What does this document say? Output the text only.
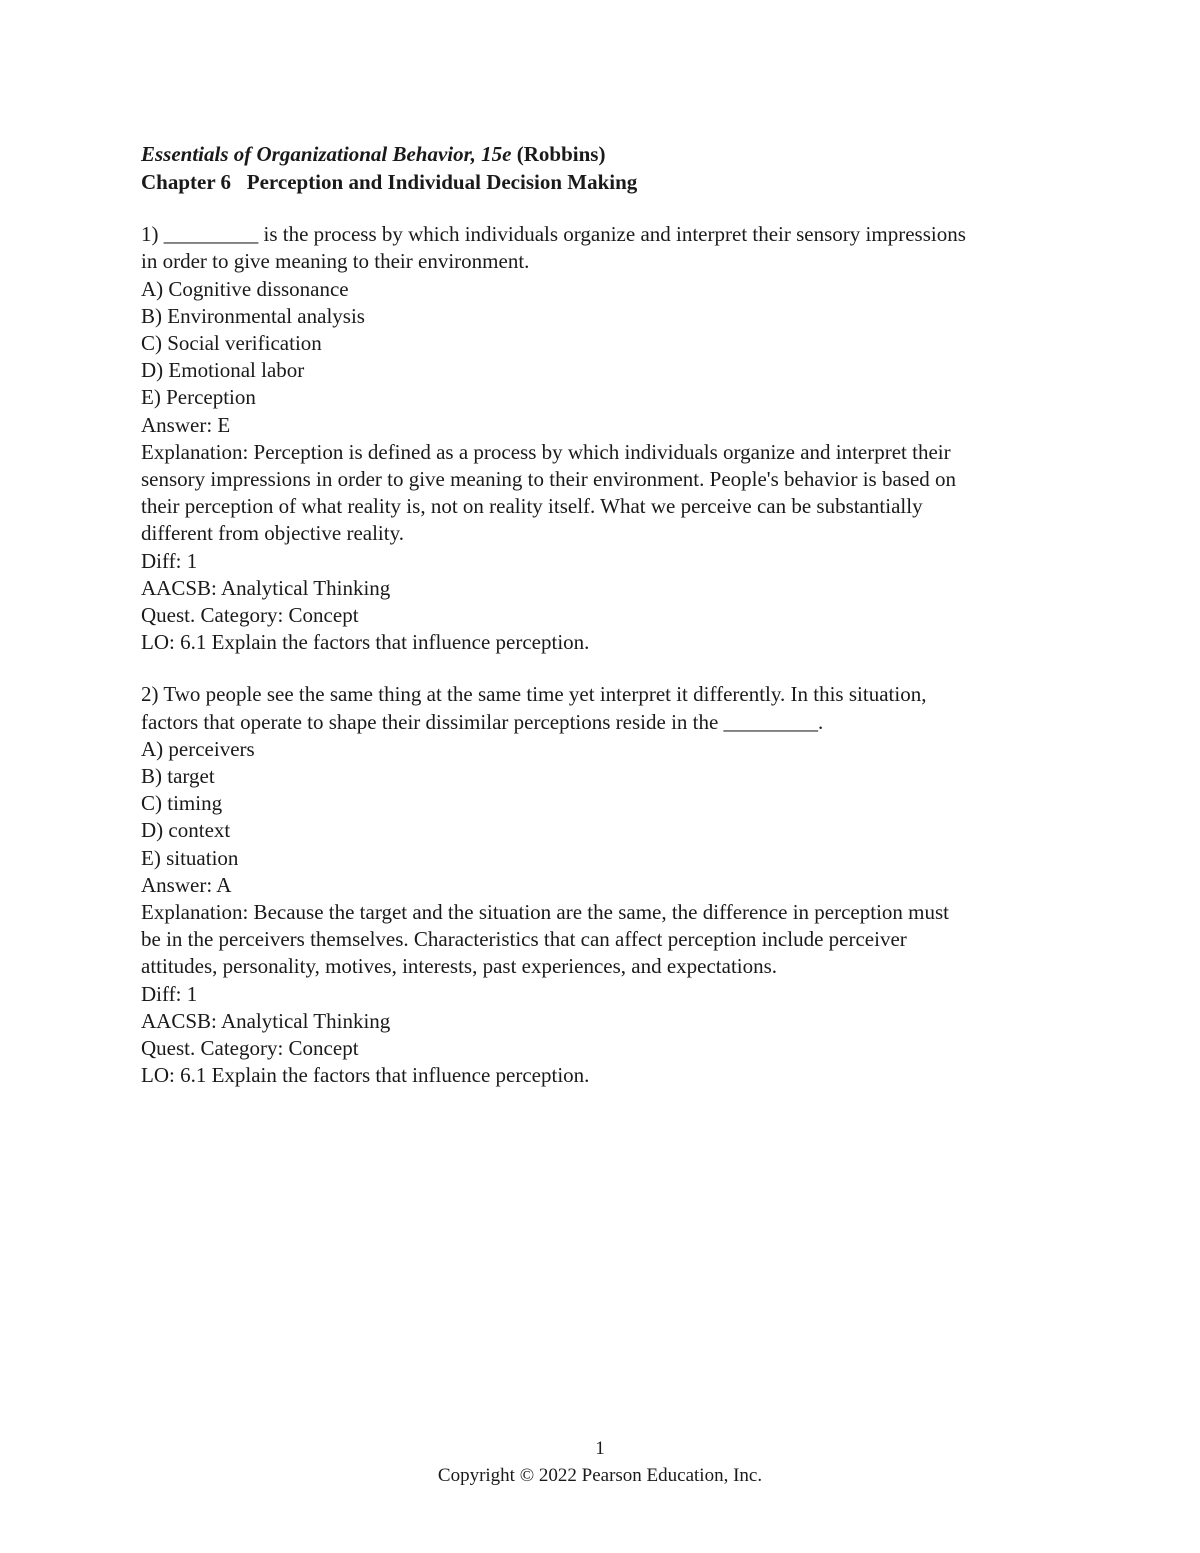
Essentials of Organizational Behavior, 15e (Robbins)

Chapter 6 Perception and Individual Decision Making

1) _________ is the process by which individuals organize and interpret their sensory impressions

in order to give meaning to their environment.

A) Cognitive dissonance

B) Environmental analysis

C) Social verification

D) Emotional labor

E) Perception

Answer: E

Explanation: Perception is defined as a process by which individuals organize and interpret their

sensory impressions in order to give meaning to their environment. People's behavior is based on

their perception of what reality is, not on reality itself. What we perceive can be substantially

different from objective reality.

Diff: 1

AACSB: Analytical Thinking

Quest. Category: Concept

LO: 6.1 Explain the factors that influence perception.

2) Two people see the same thing at the same time yet interpret it differently. In this situation,

factors that operate to shape their dissimilar perceptions reside in the _________.

A) perceivers

B) target

C) timing

D) context

E) situation

Answer: A

Explanation: Because the target and the situation are the same, the difference in perception must

be in the perceivers themselves. Characteristics that can affect perception include perceiver

attitudes, personality, motives, interests, past experiences, and expectations.

Diff: 1

AACSB: Analytical Thinking

Quest. Category: Concept

LO: 6.1 Explain the factors that influence perception.

1
Copyright © 2022 Pearson Education, Inc.
